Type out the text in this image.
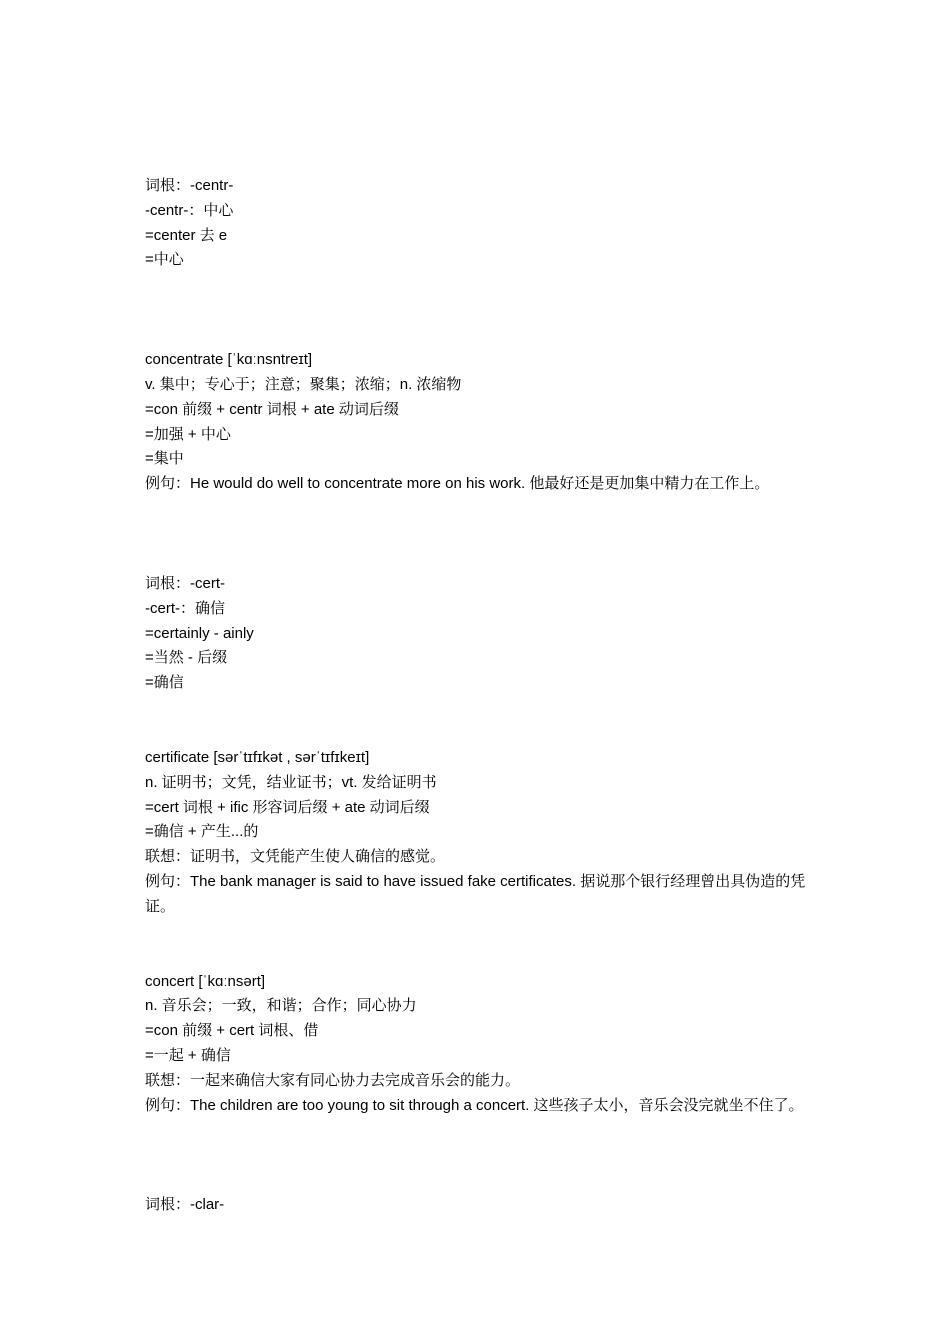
词根：-centr-
-centr-：中心
=center 去 e
=中心
concentrate [ˈkɑːnsntreɪt]
v. 集中；专心于；注意；聚集；浓缩；n. 浓缩物
=con 前缀 + centr 词根 + ate 动词后缀
=加强 + 中心
=集中
例句：He would do well to concentrate more on his work. 他最好还是更加集中精力在工作上。
词根：-cert-
-cert-：确信
=certainly - ainly
=当然 - 后缀
=确信
certificate [sərˈtɪfɪkət , sərˈtɪfɪkeɪt]
n. 证明书；文凭，结业证书；vt. 发给证明书
=cert 词根 + ific 形容词后缀 + ate 动词后缀
=确信 + 产生...的
联想：证明书，文凭能产生使人确信的感觉。
例句：The bank manager is said to have issued fake certificates. 据说那个银行经理曾出具伪造的凭证。
concert [ˈkɑːnsərt]
n. 音乐会；一致，和谐；合作；同心协力
=con 前缀 + cert 词根、借
=一起 + 确信
联想：一起来确信大家有同心协力去完成音乐会的能力。
例句：The children are too young to sit through a concert. 这些孩子太小，音乐会没完就坐不住了。
词根：-clar-
